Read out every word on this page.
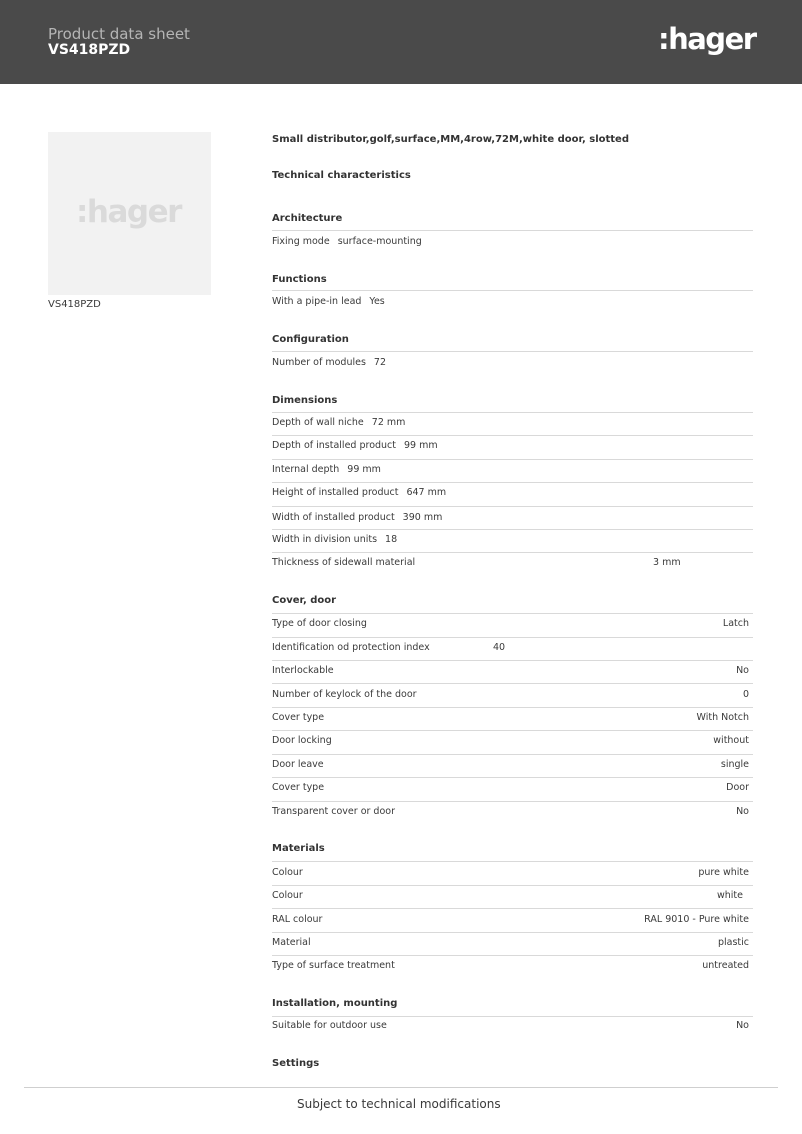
Product data sheet
VS418PZD	:hager
:hager
VS418PZD
Small distributor,golf,surface,MM,4row,72M,white door, slotted
Technical characteristics
Architecture
Fixing mode surface-mounting
Functions
With a pipe-in lead Yes
Configuration
Number of modules 72
Dimensions
Depth of wall niche 72 mm
Depth of installed product 99 mm
Internal depth 99 mm
Height of installed product 647 mm
Width of installed product 390 mm
Width in division units 18
Thickness of sidewall material	3 mm
Cover, door
Type of door closing	Latch
Identification od protection index	40
Interlockable	No
Number of keylock of the door	0
Cover type	With Notch
Door locking	without
Door leave	single
Cover type	Door
Transparent cover or door	No
Materials
Colour	pure white
Colour	white
RAL colour	RAL 9010 - Pure white
Material	plastic
Type of surface treatment	untreated
Installation, mounting
Suitable for outdoor use	No
Settings
Subject to technical modifications
